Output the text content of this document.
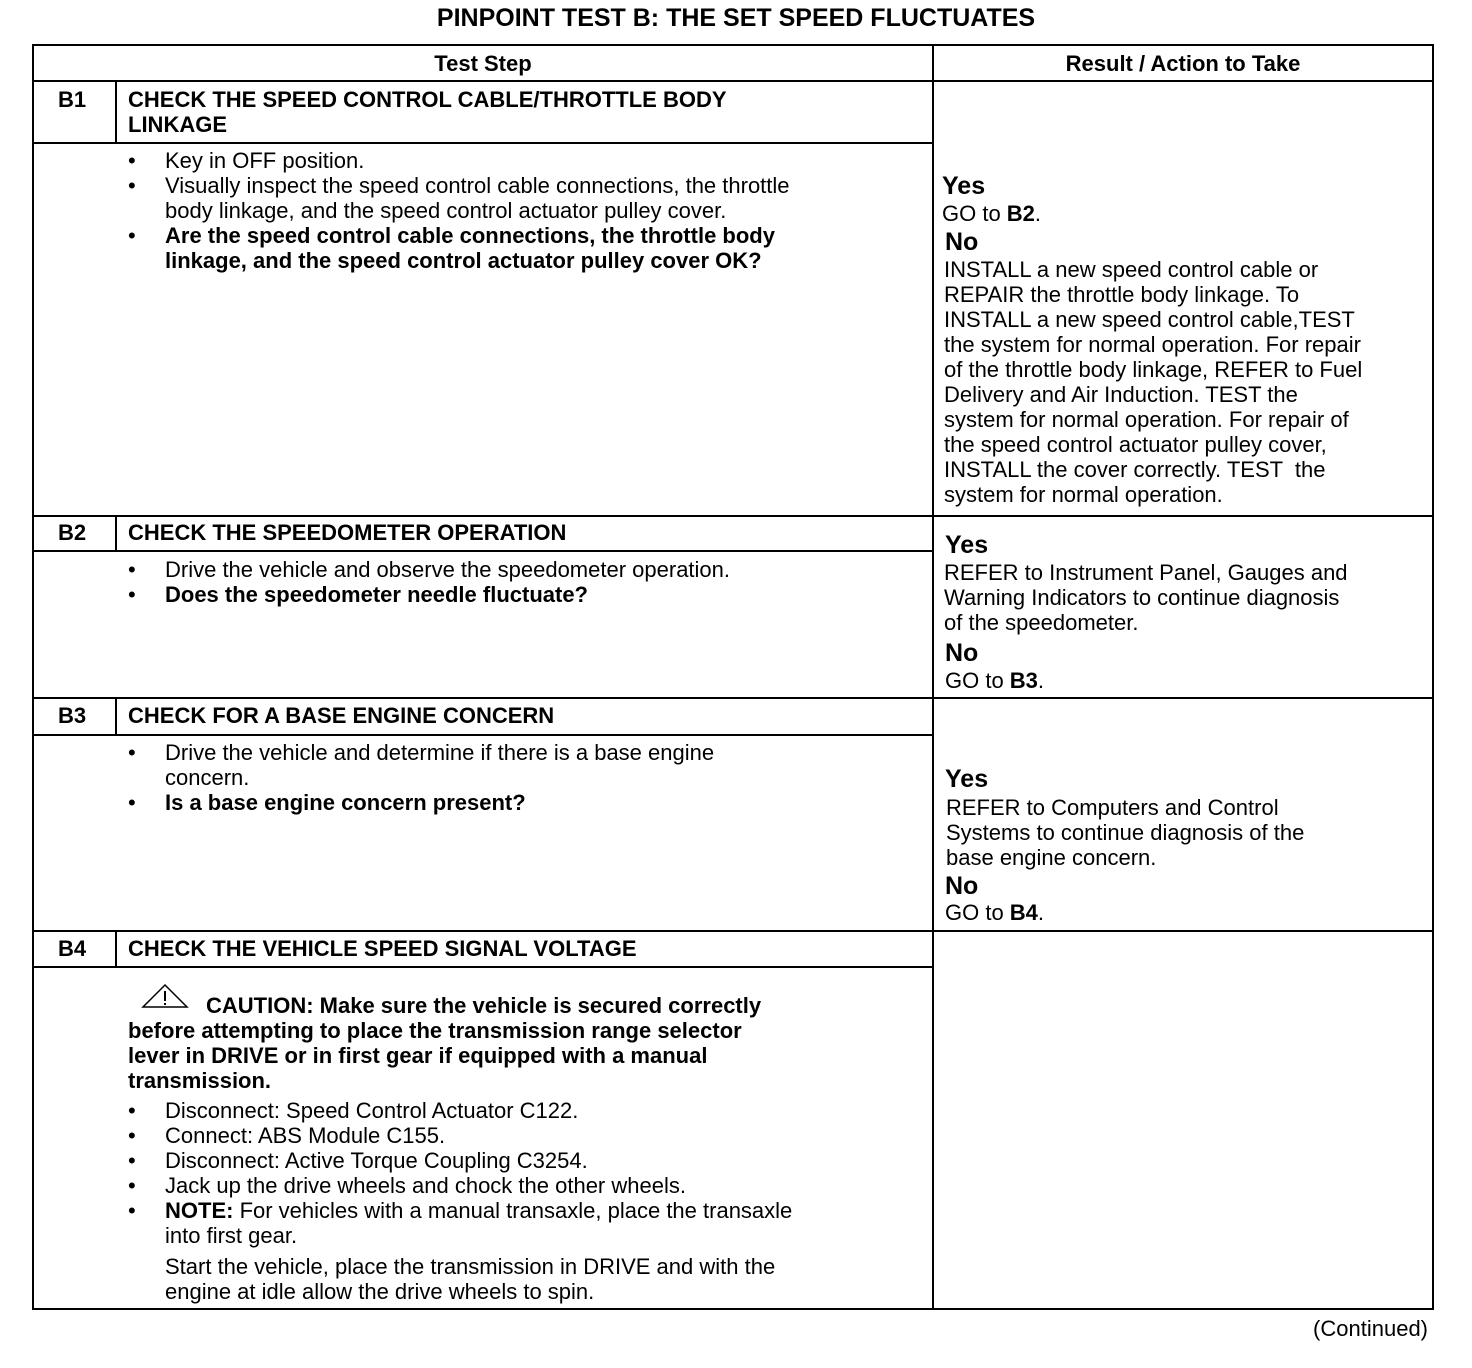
PINPOINT TEST B: THE SET SPEED FLUCTUATES
Test Step	Result / Action to Take
B1 CHECK THE SPEED CONTROL CABLE/THROTTLE BODY
LINKAGE
• Key in OFF position.
• Visually inspect the speed control cable connections, the throttle
body linkage, and the speed control actuator pulley cover.
• Are the speed control cable connections, the throttle body
linkage, and the speed control actuator pulley cover OK?
Yes
GO to B2.
No
INSTALL a new speed control cable or
REPAIR the throttle body linkage. To
INSTALL a new speed control cable,TEST
the system for normal operation. For repair
of the throttle body linkage, REFER to Fuel
Delivery and Air Induction. TEST the
system for normal operation. For repair of
the speed control actuator pulley cover,
INSTALL the cover correctly. TEST  the
system for normal operation.
B2 CHECK THE SPEEDOMETER OPERATION
• Drive the vehicle and observe the speedometer operation.
• Does the speedometer needle fluctuate?
Yes
REFER to Instrument Panel, Gauges and
Warning Indicators to continue diagnosis
of the speedometer.
No
GO to B3.
B3 CHECK FOR A BASE ENGINE CONCERN
• Drive the vehicle and determine if there is a base engine
concern.
• Is a base engine concern present?
Yes
REFER to Computers and Control
Systems to continue diagnosis of the
base engine concern.
No
GO to B4.
B4 CHECK THE VEHICLE SPEED SIGNAL VOLTAGE
CAUTION: Make sure the vehicle is secured correctly
before attempting to place the transmission range selector
lever in DRIVE or in first gear if equipped with a manual
transmission.
• Disconnect: Speed Control Actuator C122.
• Connect: ABS Module C155.
• Disconnect: Active Torque Coupling C3254.
• Jack up the drive wheels and chock the other wheels.
• NOTE: For vehicles with a manual transaxle, place the transaxle
into first gear.
Start the vehicle, place the transmission in DRIVE and with the
engine at idle allow the drive wheels to spin.
(Continued)
